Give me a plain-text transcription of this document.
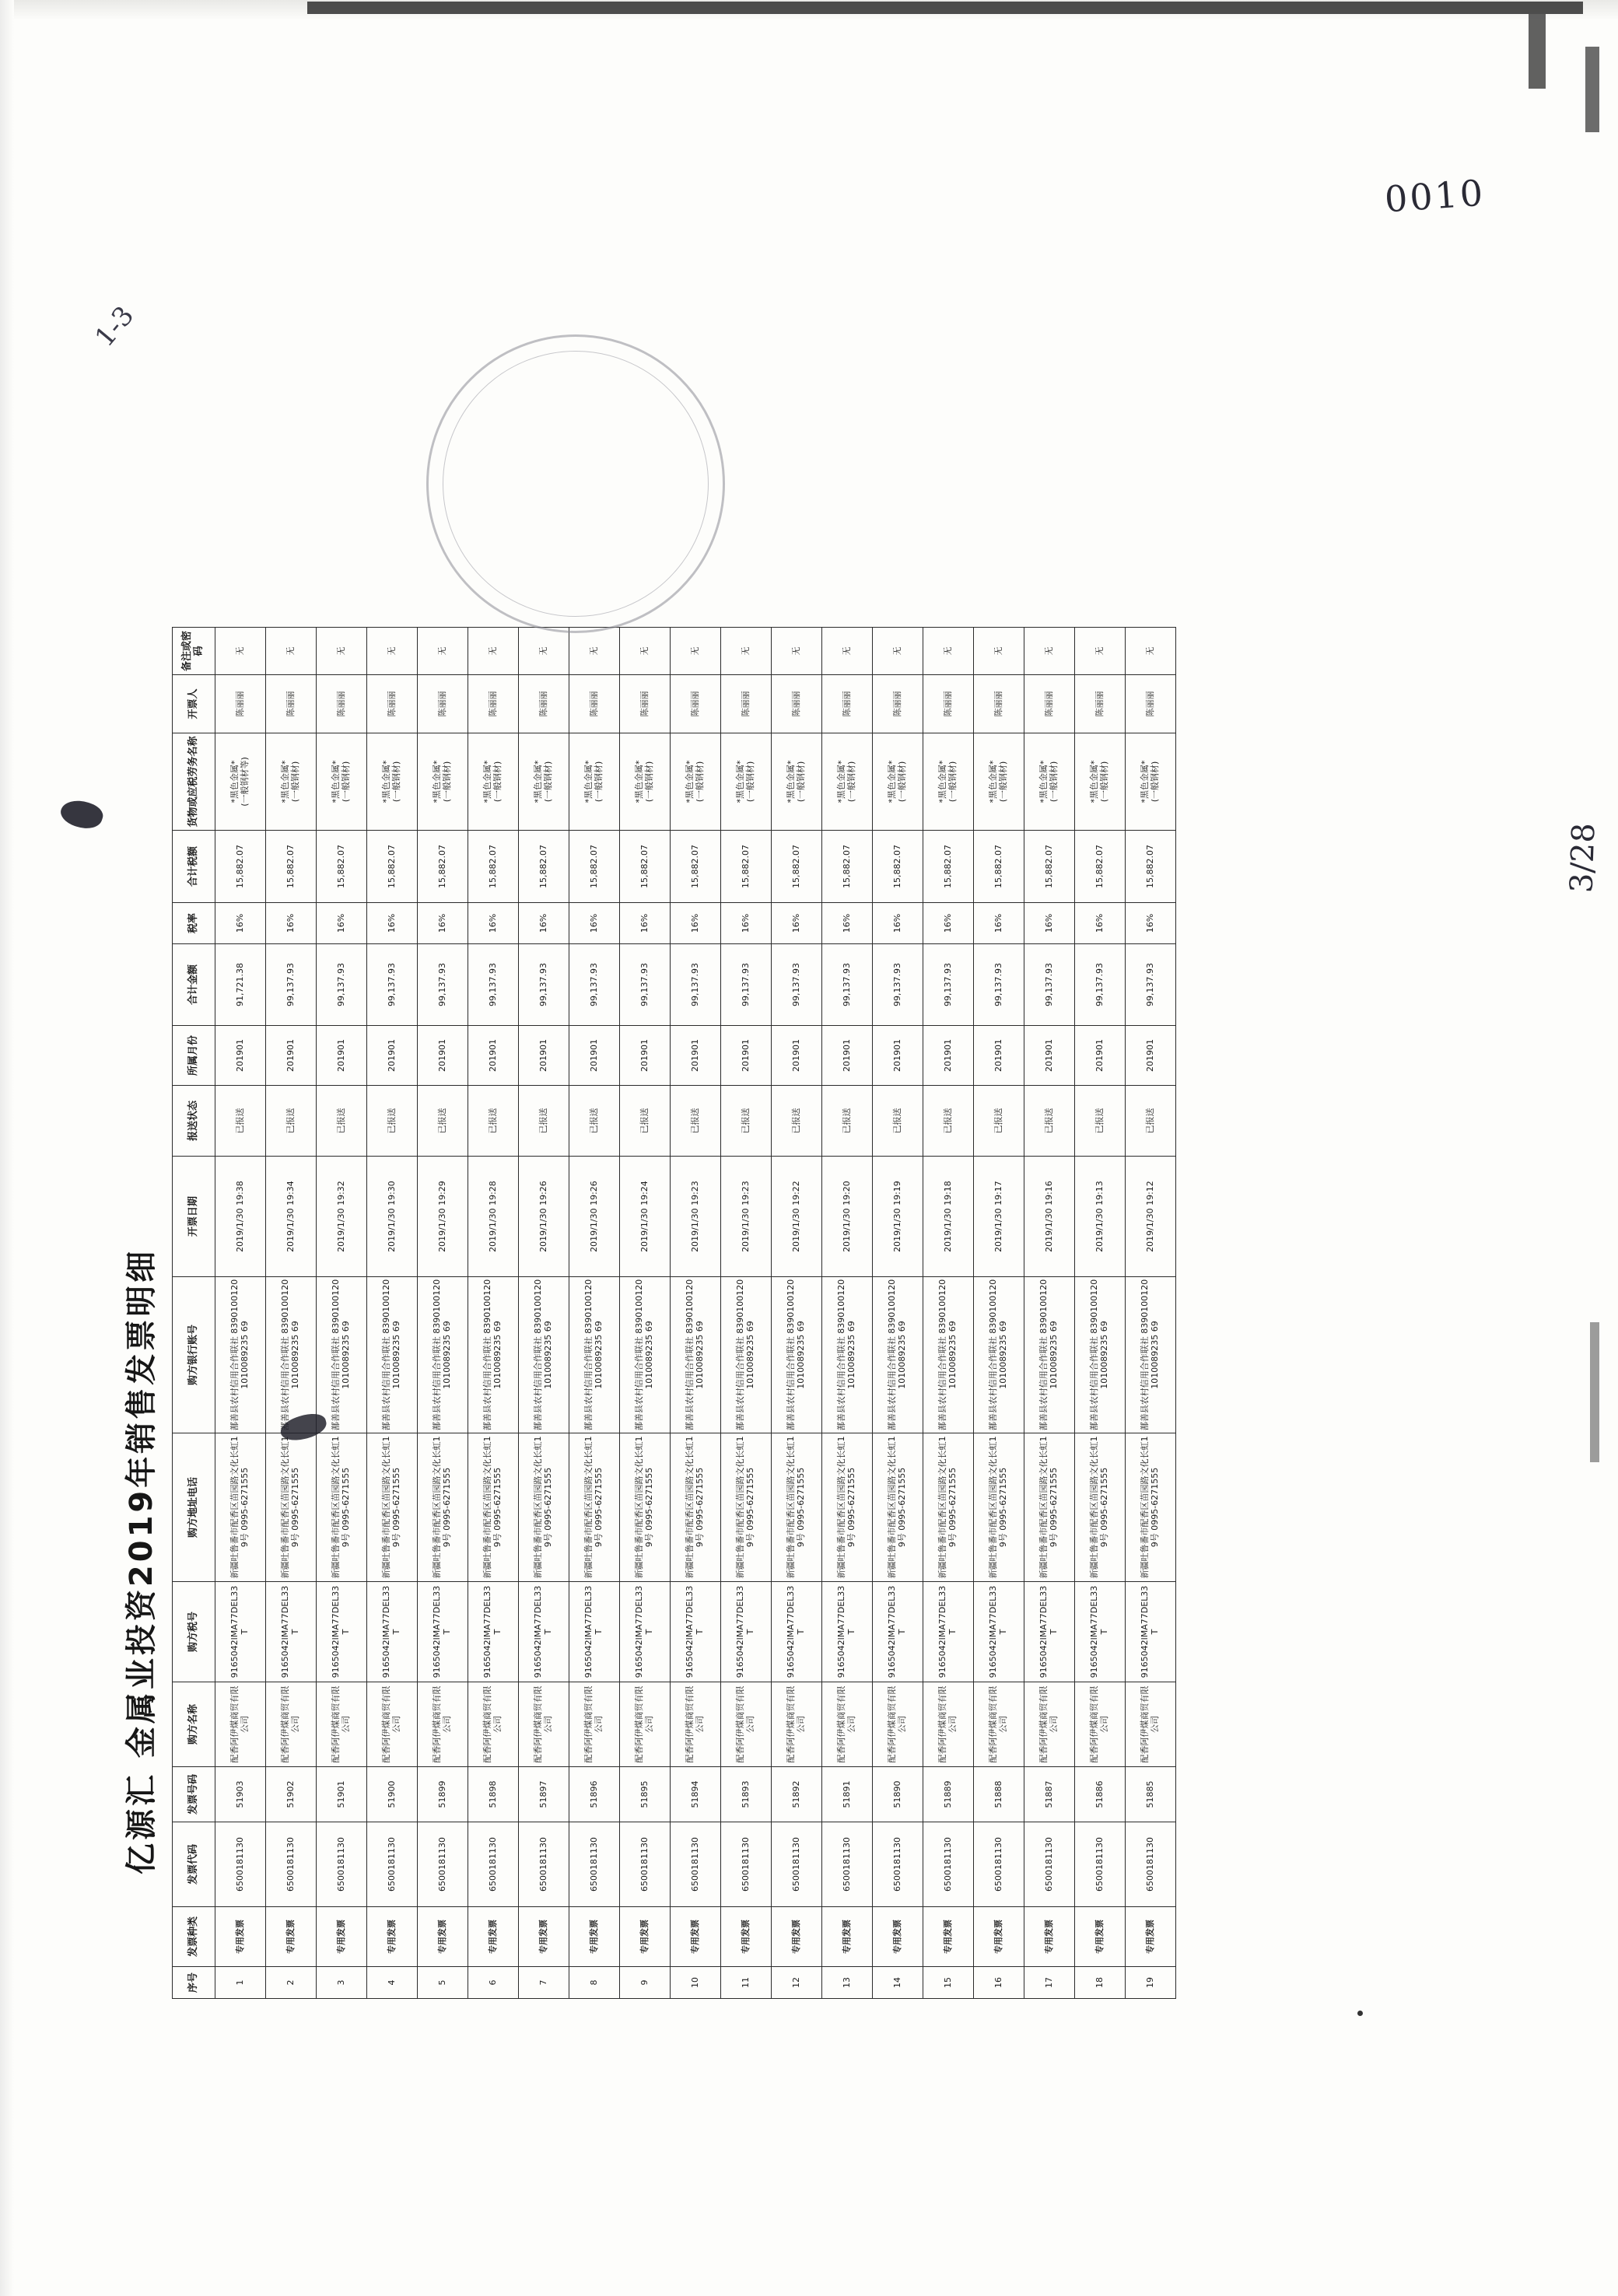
亿源汇 金属业投资2019年销售发票明细
序号	发票种类	发票代码	发票号码	购方名称	购方税号	购方地址电话	购方银行账号	开票日期	报送状态	所属月份	合计金额	税率	合计税额	货物或应税劳务名称	开票人	备注或密码
1	专用发票	6500181130	51903	配香阿伊煤商贸有限公司	9165042lMA77DEL33T	新疆吐鲁番市配香区苗园路文化长虹19号 0995-6271555	鄯善县农村信用合作联社 83901001201010089235 69	2019/1/30 19:38	已报送	201901	91,721.38	16%	15,882.07	*黑色金属* (一般钢材等)	陈丽丽	无
2	专用发票	6500181130	51902	配香阿伊煤商贸有限公司	9165042lMA77DEL33T	新疆吐鲁番市配香区苗园路文化长虹19号 0995-6271555	鄯善县农村信用合作联社 83901001201010089235 69	2019/1/30 19:34	已报送	201901	99,137.93	16%	15,882.07	*黑色金属* (一般钢材)	陈丽丽	无
3	专用发票	6500181130	51901	配香阿伊煤商贸有限公司	9165042lMA77DEL33T	新疆吐鲁番市配香区苗园路文化长虹19号 0995-6271555	鄯善县农村信用合作联社 83901001201010089235 69	2019/1/30 19:32	已报送	201901	99,137.93	16%	15,882.07	*黑色金属* (一般钢材)	陈丽丽	无
4	专用发票	6500181130	51900	配香阿伊煤商贸有限公司	9165042lMA77DEL33T	新疆吐鲁番市配香区苗园路文化长虹19号 0995-6271555	鄯善县农村信用合作联社 83901001201010089235 69	2019/1/30 19:30	已报送	201901	99,137.93	16%	15,882.07	*黑色金属* (一般钢材)	陈丽丽	无
5	专用发票	6500181130	51899	配香阿伊煤商贸有限公司	9165042lMA77DEL33T	新疆吐鲁番市配香区苗园路文化长虹19号 0995-6271555	鄯善县农村信用合作联社 83901001201010089235 69	2019/1/30 19:29	已报送	201901	99,137.93	16%	15,882.07	*黑色金属* (一般钢材)	陈丽丽	无
6	专用发票	6500181130	51898	配香阿伊煤商贸有限公司	9165042lMA77DEL33T	新疆吐鲁番市配香区苗园路文化长虹19号 0995-6271555	鄯善县农村信用合作联社 83901001201010089235 69	2019/1/30 19:28	已报送	201901	99,137.93	16%	15,882.07	*黑色金属* (一般钢材)	陈丽丽	无
7	专用发票	6500181130	51897	配香阿伊煤商贸有限公司	9165042lMA77DEL33T	新疆吐鲁番市配香区苗园路文化长虹19号 0995-6271555	鄯善县农村信用合作联社 83901001201010089235 69	2019/1/30 19:26	已报送	201901	99,137.93	16%	15,882.07	*黑色金属* (一般钢材)	陈丽丽	无
8	专用发票	6500181130	51896	配香阿伊煤商贸有限公司	9165042lMA77DEL33T	新疆吐鲁番市配香区苗园路文化长虹19号 0995-6271555	鄯善县农村信用合作联社 83901001201010089235 69	2019/1/30 19:26	已报送	201901	99,137.93	16%	15,882.07	*黑色金属* (一般钢材)	陈丽丽	无
9	专用发票	6500181130	51895	配香阿伊煤商贸有限公司	9165042lMA77DEL33T	新疆吐鲁番市配香区苗园路文化长虹19号 0995-6271555	鄯善县农村信用合作联社 83901001201010089235 69	2019/1/30 19:24	已报送	201901	99,137.93	16%	15,882.07	*黑色金属* (一般钢材)	陈丽丽	无
10	专用发票	6500181130	51894	配香阿伊煤商贸有限公司	9165042lMA77DEL33T	新疆吐鲁番市配香区苗园路文化长虹19号 0995-6271555	鄯善县农村信用合作联社 83901001201010089235 69	2019/1/30 19:23	已报送	201901	99,137.93	16%	15,882.07	*黑色金属* (一般钢材)	陈丽丽	无
11	专用发票	6500181130	51893	配香阿伊煤商贸有限公司	9165042lMA77DEL33T	新疆吐鲁番市配香区苗园路文化长虹19号 0995-6271555	鄯善县农村信用合作联社 83901001201010089235 69	2019/1/30 19:23	已报送	201901	99,137.93	16%	15,882.07	*黑色金属* (一般钢材)	陈丽丽	无
12	专用发票	6500181130	51892	配香阿伊煤商贸有限公司	9165042lMA77DEL33T	新疆吐鲁番市配香区苗园路文化长虹19号 0995-6271555	鄯善县农村信用合作联社 83901001201010089235 69	2019/1/30 19:22	已报送	201901	99,137.93	16%	15,882.07	*黑色金属* (一般钢材)	陈丽丽	无
13	专用发票	6500181130	51891	配香阿伊煤商贸有限公司	9165042lMA77DEL33T	新疆吐鲁番市配香区苗园路文化长虹19号 0995-6271555	鄯善县农村信用合作联社 83901001201010089235 69	2019/1/30 19:20	已报送	201901	99,137.93	16%	15,882.07	*黑色金属* (一般钢材)	陈丽丽	无
14	专用发票	6500181130	51890	配香阿伊煤商贸有限公司	9165042lMA77DEL33T	新疆吐鲁番市配香区苗园路文化长虹19号 0995-6271555	鄯善县农村信用合作联社 83901001201010089235 69	2019/1/30 19:19	已报送	201901	99,137.93	16%	15,882.07	*黑色金属* (一般钢材)	陈丽丽	无
15	专用发票	6500181130	51889	配香阿伊煤商贸有限公司	9165042lMA77DEL33T	新疆吐鲁番市配香区苗园路文化长虹19号 0995-6271555	鄯善县农村信用合作联社 83901001201010089235 69	2019/1/30 19:18	已报送	201901	99,137.93	16%	15,882.07	*黑色金属* (一般钢材)	陈丽丽	无
16	专用发票	6500181130	51888	配香阿伊煤商贸有限公司	9165042lMA77DEL33T	新疆吐鲁番市配香区苗园路文化长虹19号 0995-6271555	鄯善县农村信用合作联社 83901001201010089235 69	2019/1/30 19:17	已报送	201901	99,137.93	16%	15,882.07	*黑色金属* (一般钢材)	陈丽丽	无
17	专用发票	6500181130	51887	配香阿伊煤商贸有限公司	9165042lMA77DEL33T	新疆吐鲁番市配香区苗园路文化长虹19号 0995-6271555	鄯善县农村信用合作联社 83901001201010089235 69	2019/1/30 19:16	已报送	201901	99,137.93	16%	15,882.07	*黑色金属* (一般钢材)	陈丽丽	无
18	专用发票	6500181130	51886	配香阿伊煤商贸有限公司	9165042lMA77DEL33T	新疆吐鲁番市配香区苗园路文化长虹19号 0995-6271555	鄯善县农村信用合作联社 83901001201010089235 69	2019/1/30 19:13	已报送	201901	99,137.93	16%	15,882.07	*黑色金属* (一般钢材)	陈丽丽	无
19	专用发票	6500181130	51885	配香阿伊煤商贸有限公司	9165042lMA77DEL33T	新疆吐鲁番市配香区苗园路文化长虹19号 0995-6271555	鄯善县农村信用合作联社 83901001201010089235 69	2019/1/30 19:12	已报送	201901	99,137.93	16%	15,882.07	*黑色金属* (一般钢材)	陈丽丽	无
0010
3/28
1-3
